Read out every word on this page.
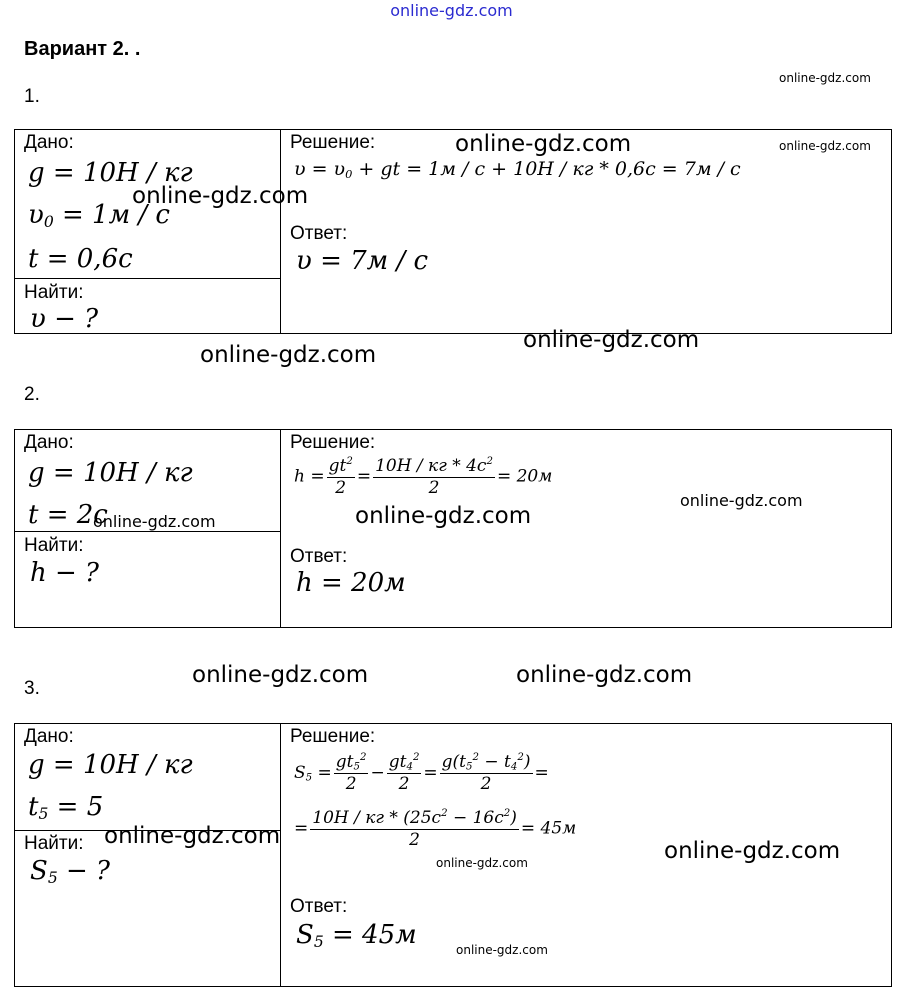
online-gdz.com
Вариант 2. .
online-gdz.com
1.
Дано:
g = 10Н / кг
$\upsilon_0 = 1м / с$
t = 0,6с
Найти:
υ − ?
Решение:
$\upsilon = \upsilon_0$ + gt = 1м / с + 10Н / кг * 0,6с = 7м / с
Ответ:
υ = 7м / с
online-gdz.com	online-gdz.com
online-gdz.com
online-gdz.com
online-gdz.com
2.
Дано:
g = 10Н / кг
t = 2с
Найти:
h − ?
Решение:
$h = \frac{gt^2}{2} = \frac{10Н / кг * 4с^2}{2} = 20м$
Ответ:
h = 20м
online-gdz.com	online-gdz.com
online-gdz.com
online-gdz.com	online-gdz.com
3.
Дано:
g = 10Н / кг
$t_5 = 5$
Найти:
$S_5$ − ?
Решение:
$S_5 = \frac{gt_5^2}{2} - \frac{gt_4^2}{2} = \frac{g(t_5^2 - t_4^2)}{2}$ =
= $\frac{10Н / кг * (25с^2 - 16с^2)}{2} = 45м$
Ответ:
$S_5 = 45м$
online-gdz.com
online-gdz.com
online-gdz.com
online-gdz.com
